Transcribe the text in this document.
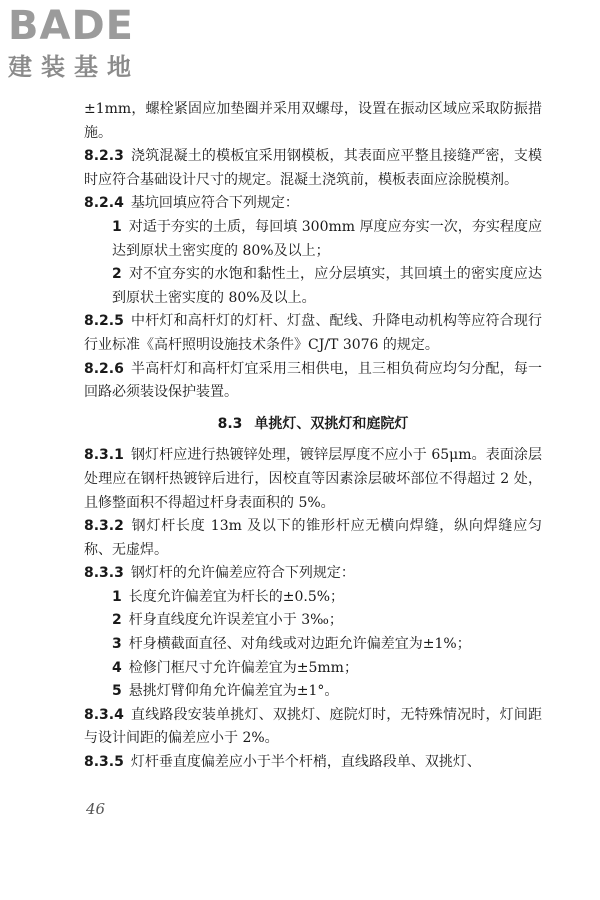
BADE
建装基地

±1mm，螺栓紧固应加垫圈并采用双螺母，设置在振动区域应采取防振措施。

8.2.3 浇筑混凝土的模板宜采用钢模板，其表面应平整且接缝严密，支模时应符合基础设计尺寸的规定。混凝土浇筑前，模板表面应涂脱模剂。

8.2.4 基坑回填应符合下列规定：

1 对适于夯实的土质，每回填 300mm 厚度应夯实一次，夯实程度应达到原状土密实度的 80%及以上；

2 对不宜夯实的水饱和黏性土，应分层填实，其回填土的密实度应达到原状土密实度的 80%及以上。

8.2.5 中杆灯和高杆灯的灯杆、灯盘、配线、升降电动机构等应符合现行行业标准《高杆照明设施技术条件》CJ/T 3076 的规定。

8.2.6 半高杆灯和高杆灯宜采用三相供电，且三相负荷应均匀分配，每一回路必须装设保护装置。

8.3 单挑灯、双挑灯和庭院灯

8.3.1 钢灯杆应进行热镀锌处理，镀锌层厚度不应小于 65μm。表面涂层处理应在钢杆热镀锌后进行，因校直等因素涂层破坏部位不得超过 2 处，且修整面积不得超过杆身表面积的 5%。

8.3.2 钢灯杆长度 13m 及以下的锥形杆应无横向焊缝，纵向焊缝应匀称、无虚焊。

8.3.3 钢灯杆的允许偏差应符合下列规定：

1 长度允许偏差宜为杆长的±0.5%；

2 杆身直线度允许误差宜小于 3‰；

3 杆身横截面直径、对角线或对边距允许偏差宜为±1%；

4 检修门框尺寸允许偏差宜为±5mm；

5 悬挑灯臂仰角允许偏差宜为±1°。

8.3.4 直线路段安装单挑灯、双挑灯、庭院灯时，无特殊情况时，灯间距与设计间距的偏差应小于 2%。

8.3.5 灯杆垂直度偏差应小于半个杆梢，直线路段单、双挑灯、

46
